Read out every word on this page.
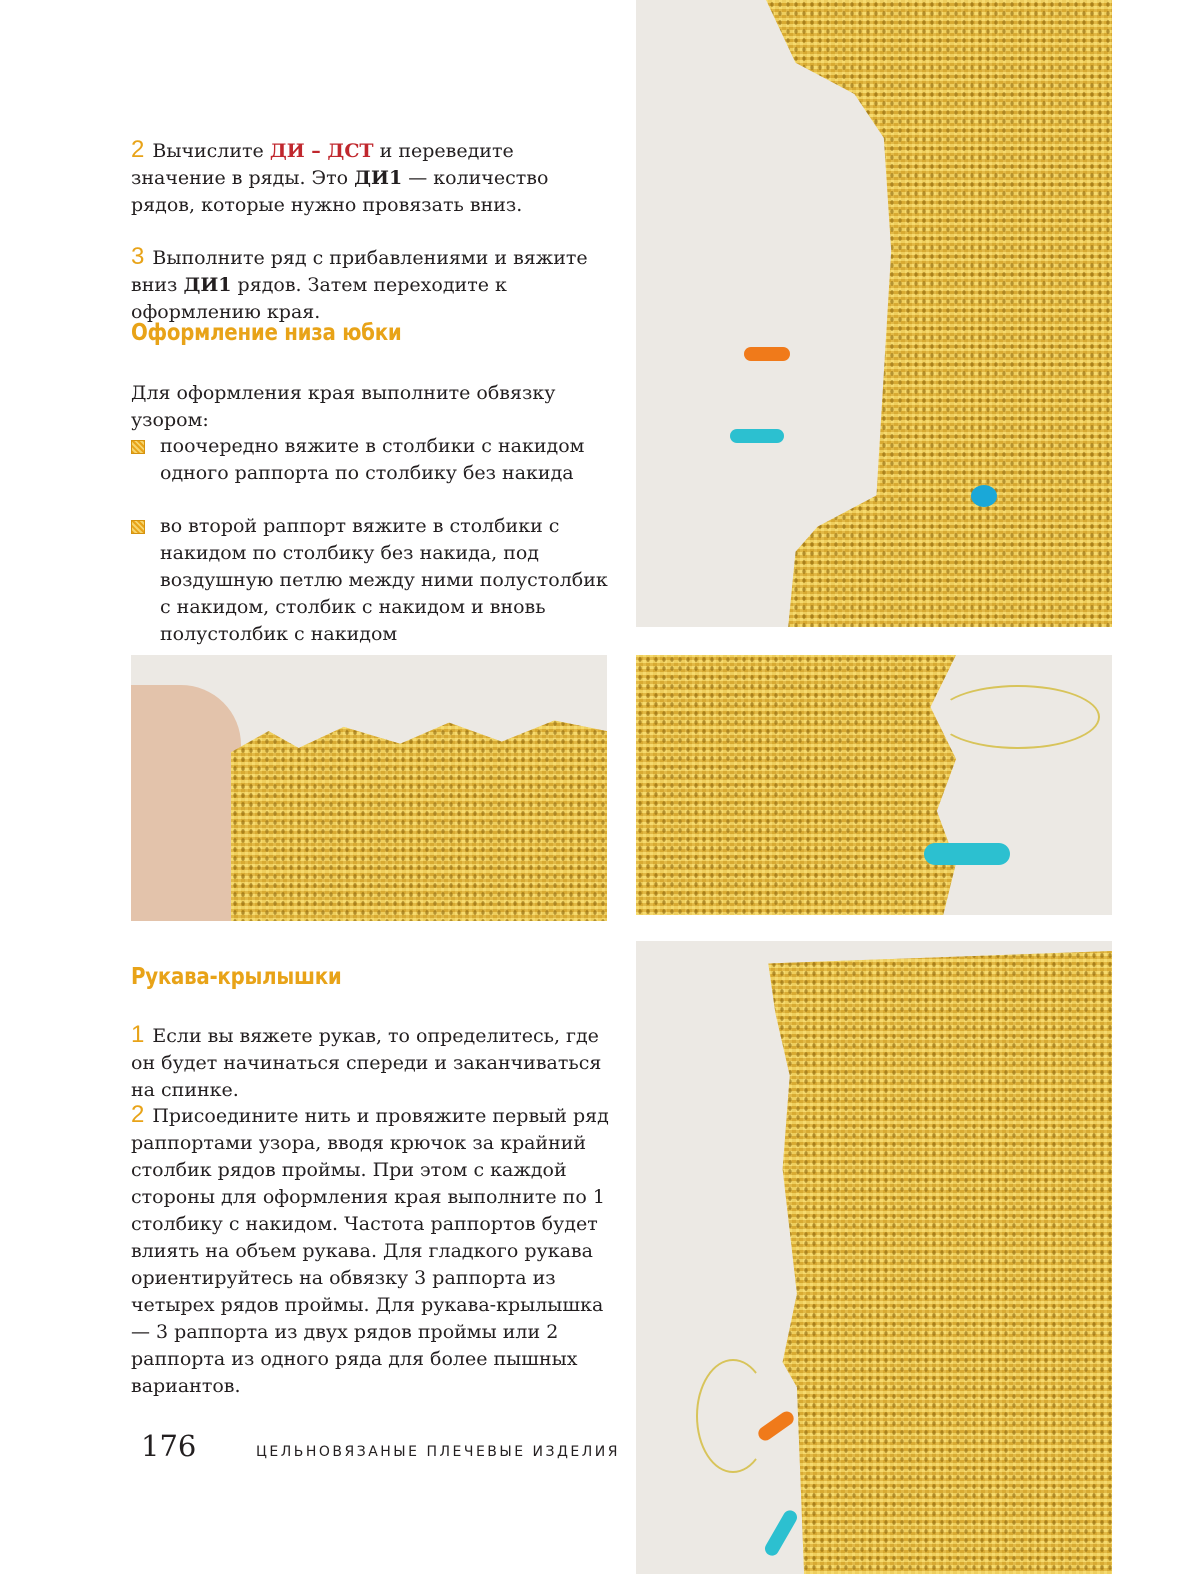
2 Вычислите ДИ – ДСТ и переведите значение в ряды. Это ДИ1 — количество рядов, которые нужно провязать вниз.

3 Выполните ряд с прибавлениями и вяжите вниз ДИ1 рядов. Затем переходите к оформлению края.

Оформление низа юбки

Для оформления края выполните обвязку узором:

поочередно вяжите в столбики с накидом одного раппорта по столбику без накида
во второй раппорт вяжите в столбики с накидом по столбику без накида, под воздушную петлю между ними полустолбик с накидом, столбик с накидом и вновь полустолбик с накидом
Рукава-крылышки

1 Если вы вяжете рукав, то определитесь, где он будет начинаться спереди и заканчиваться на спинке.

2 Присоедините нить и провяжите первый ряд раппортами узора, вводя крючок за крайний столбик рядов проймы. При этом с каждой стороны для оформления края выполните по 1 столбику с накидом. Частота раппортов будет влиять на объем рукава. Для гладкого рукава ориентируйтесь на обвязку 3 раппорта из четырех рядов проймы. Для рукава-крылышка — 3 раппорта из двух рядов проймы или 2 раппорта из одного ряда для более пышных вариантов.

176	ЦЕЛЬНОВЯЗАНЫЕ ПЛЕЧЕВЫЕ ИЗДЕЛИЯ
